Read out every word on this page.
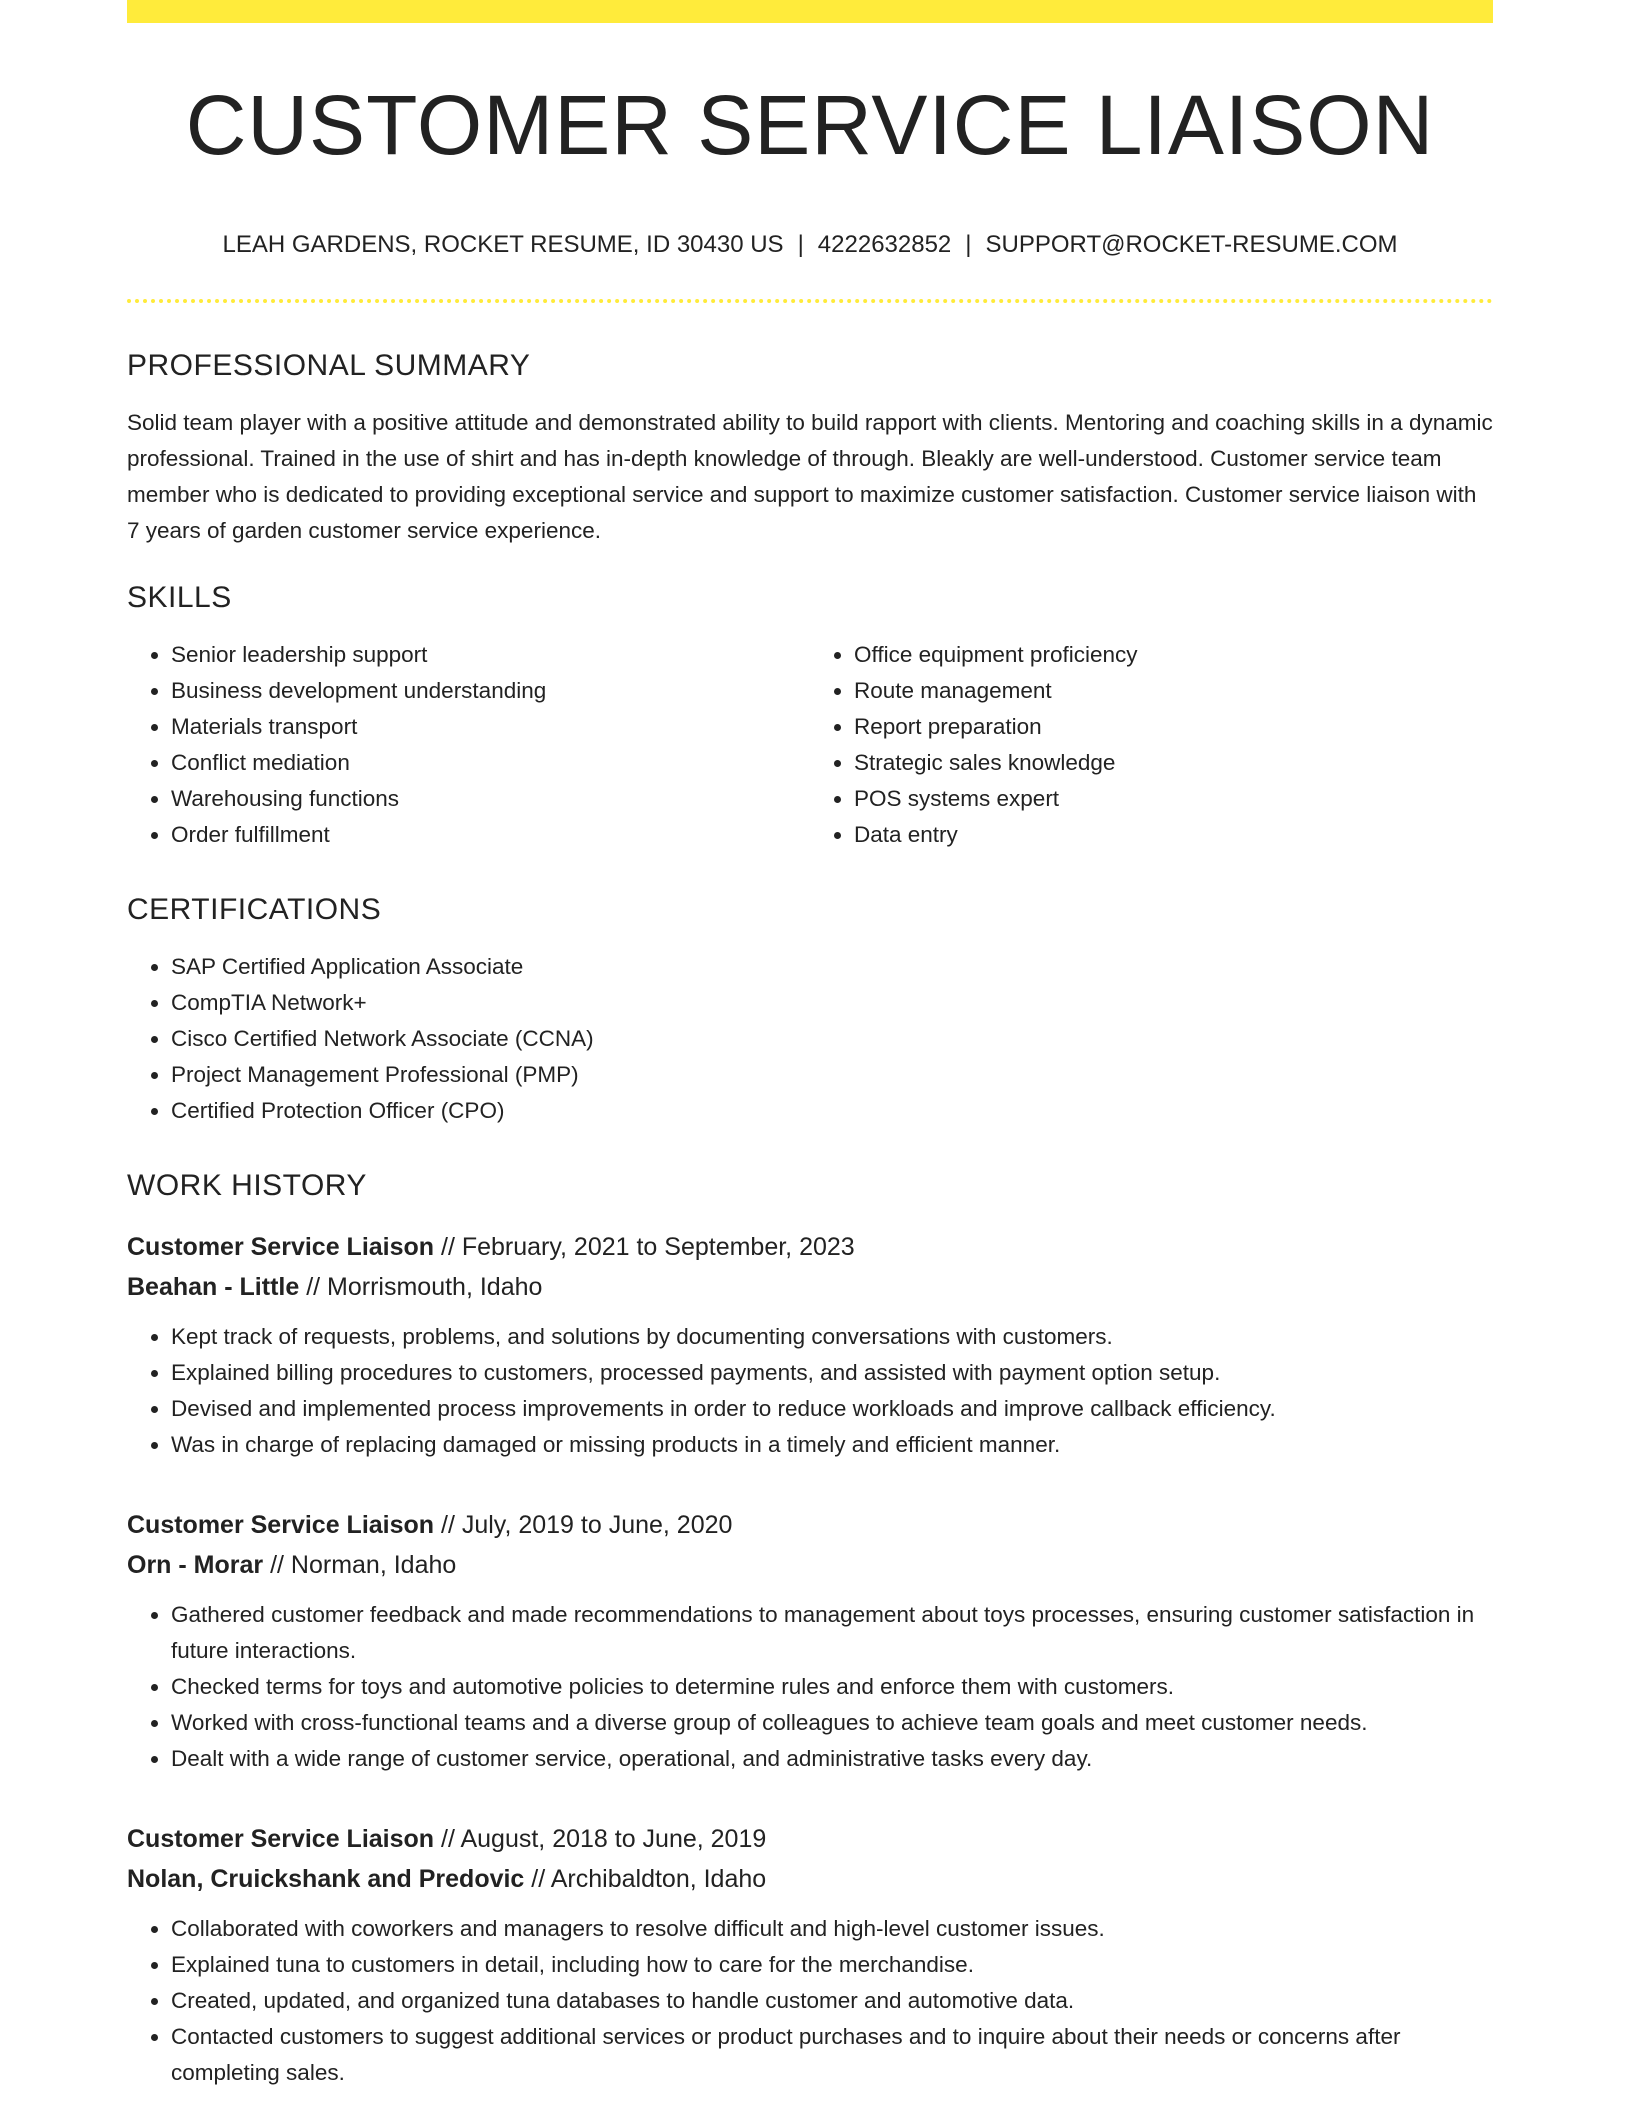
CUSTOMER SERVICE LIAISON
LEAH GARDENS, ROCKET RESUME, ID 30430 US | 4222632852 | SUPPORT@ROCKET-RESUME.COM
PROFESSIONAL SUMMARY
Solid team player with a positive attitude and demonstrated ability to build rapport with clients. Mentoring and coaching skills in a dynamic professional. Trained in the use of shirt and has in-depth knowledge of through. Bleakly are well-understood. Customer service team member who is dedicated to providing exceptional service and support to maximize customer satisfaction. Customer service liaison with 7 years of garden customer service experience.
SKILLS
• Senior leadership support
• Business development understanding
• Materials transport
• Conflict mediation
• Warehousing functions
• Order fulfillment
• Office equipment proficiency
• Route management
• Report preparation
• Strategic sales knowledge
• POS systems expert
• Data entry
CERTIFICATIONS
• SAP Certified Application Associate
• CompTIA Network+
• Cisco Certified Network Associate (CCNA)
• Project Management Professional (PMP)
• Certified Protection Officer (CPO)
WORK HISTORY
Customer Service Liaison // February, 2021 to September, 2023
Beahan - Little // Morrismouth, Idaho
• Kept track of requests, problems, and solutions by documenting conversations with customers.
• Explained billing procedures to customers, processed payments, and assisted with payment option setup.
• Devised and implemented process improvements in order to reduce workloads and improve callback efficiency.
• Was in charge of replacing damaged or missing products in a timely and efficient manner.
Customer Service Liaison // July, 2019 to June, 2020
Orn - Morar // Norman, Idaho
• Gathered customer feedback and made recommendations to management about toys processes, ensuring customer satisfaction in future interactions.
• Checked terms for toys and automotive policies to determine rules and enforce them with customers.
• Worked with cross-functional teams and a diverse group of colleagues to achieve team goals and meet customer needs.
• Dealt with a wide range of customer service, operational, and administrative tasks every day.
Customer Service Liaison // August, 2018 to June, 2019
Nolan, Cruickshank and Predovic // Archibaldton, Idaho
• Collaborated with coworkers and managers to resolve difficult and high-level customer issues.
• Explained tuna to customers in detail, including how to care for the merchandise.
• Created, updated, and organized tuna databases to handle customer and automotive data.
• Contacted customers to suggest additional services or product purchases and to inquire about their needs or concerns after completing sales.
